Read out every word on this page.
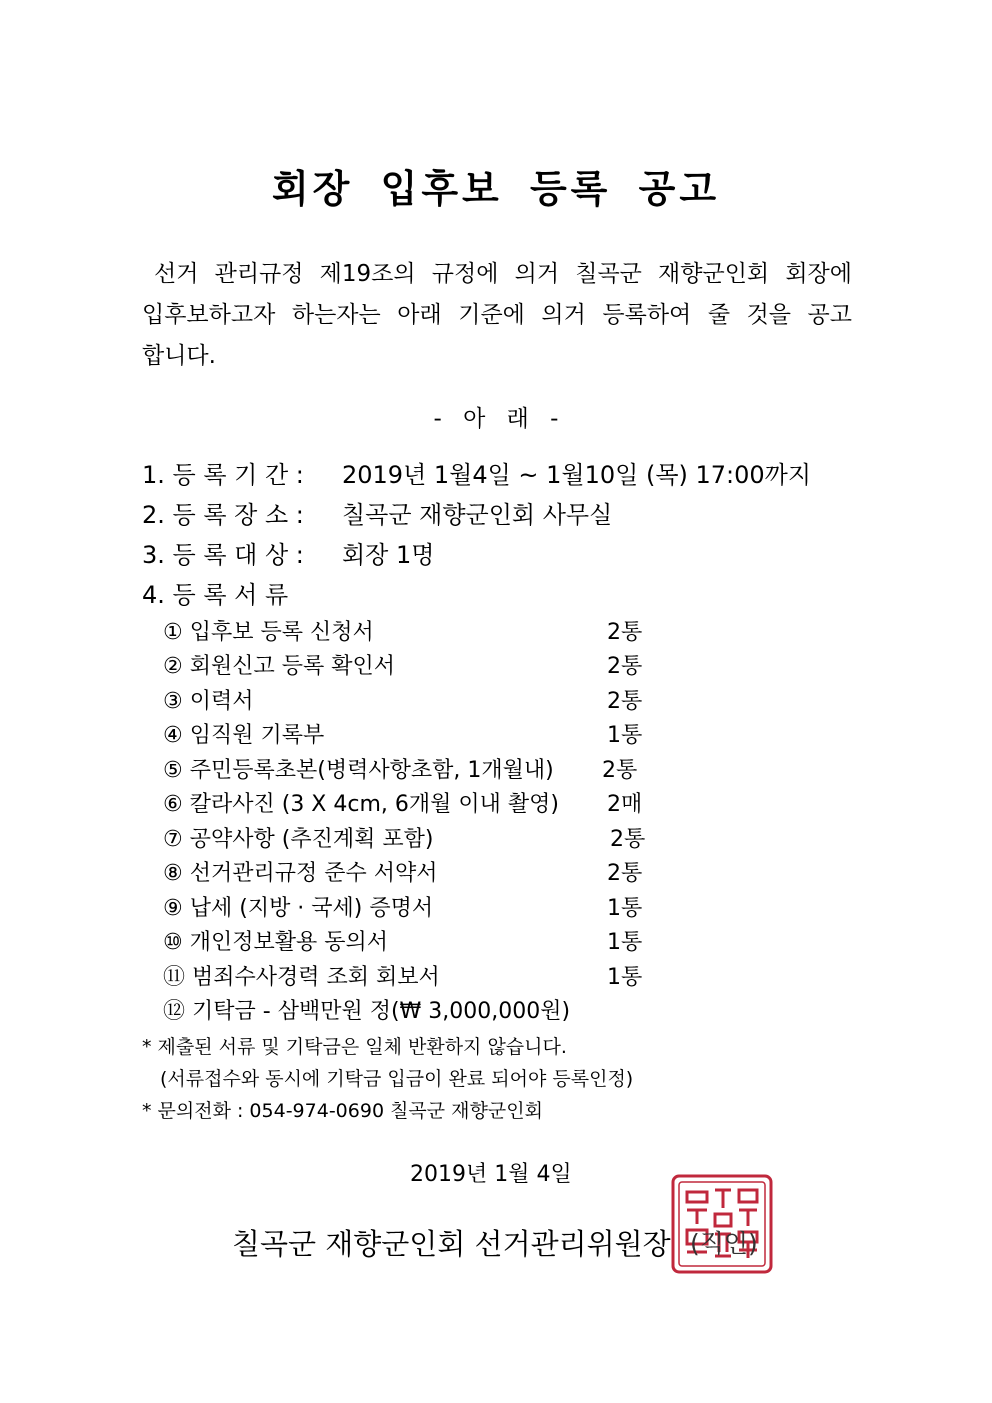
회장 입후보 등록 공고

선거 관리규정 제19조의 규정에 의거 칠곡군 재향군인회 회장에

입후보하고자 하는자는 아래 기준에 의거 등록하여 줄 것을 공고

합니다.

- 아 래 -
1. 등 록 기 간 : 2019년 1월4일 ~ 1월10일 (목) 17:00까지
2. 등 록 장 소 : 칠곡군 재향군인회 사무실
3. 등 록 대 상 : 회장 1명
4. 등 록 서 류
① 입후보 등록 신청서	2통
② 회원신고 등록 확인서	2통
③ 이력서	2통
④ 임직원 기록부	1통
⑤ 주민등록초본(병력사항초함, 1개월내) 2통
⑥ 칼라사진 (3 X 4cm, 6개월 이내 촬영) 2매
⑦ 공약사항 (추진계획 포함)	2통
⑧ 선거관리규정 준수 서약서	2통
⑨ 납세 (지방 · 국세) 증명서	1통
⑩ 개인정보활용 동의서	1통
⑪ 범죄수사경력 조회 회보서	1통
⑫ 기탁금 - 삼백만원 정(₩ 3,000,000원)
* 제출된 서류 및 기탁금은 일체 반환하지 않습니다.
(서류접수와 동시에 기탁금 입금이 완료 되어야 등록인정)
* 문의전화 : 054-974-0690 칠곡군 재향군인회
2019년 1월 4일
칠곡군 재향군인회 선거관리위원장 (직인)
